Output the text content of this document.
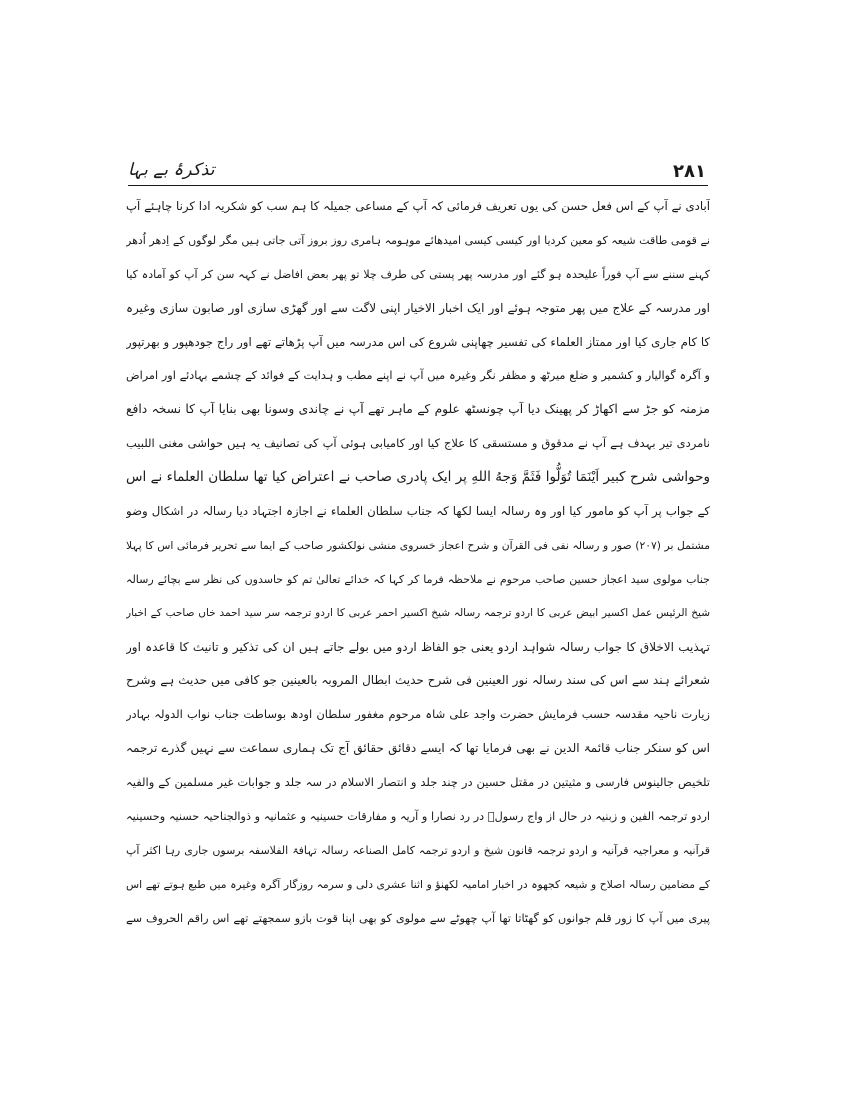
تذکرۂ بے بہا	۲۸۱
آبادی نے آپ کے اس فعل حسن کی یوں تعریف فرمائی کہ آپ کے مساعی جمیلہ کا ہم سب کو شکریہ ادا کرنا چاہئے آپ
نے قومی طاقت شیعہ کو معین کردیا اور کیسی کیسی امیدھائے موہومہ ہامری روز بروز آتی جاتی ہیں مگر لوگوں کے اِدھر اُدھر
کہنے سننے سے آپ فوراً علیحدہ ہو گئے اور مدرسہ پھر پستی کی طرف چلا تو پھر بعض افاضل نے کہہ سن کر آپ کو آمادہ کیا
اور مدرسہ کے علاج میں پھر متوجہ ہوئے اور ایک اخبار الاخیار اپنی لاگت سے اور گھڑی سازی اور صابون سازی وغیرہ
کا کام جاری کیا اور ممتاز العلماء کی تفسیر چھاپنی شروع کی اس مدرسہ میں آپ پڑھاتے تھے اور راج جودھپور و بھرتپور
و آگرہ گوالیار و کشمیر و ضلع میرٹھ و مظفر نگر وغیرہ میں آپ نے اپنے مطب و ہدایت کے فوائد کے چشمے بہادئے اور امراض
مزمنہ کو جڑ سے اکھاڑ کر پھینک دیا آپ چونسٹھ علوم کے ماہر تھے آپ نے چاندی وسونا بھی بنایا آپ کا نسخہ دافع
نامردی تیر بہدف ہے آپ نے مدقوق و مستسقی کا علاج کیا اور کامیابی ہوئی آپ کی تصانیف یہ ہیں حواشی مغنی اللبیب
وحواشی شرح کبیر اَیْنَمَا تُوَلُّوا فَثَمَّ وَجهُ اللهِ پر ایک پادری صاحب نے اعتراض کیا تھا سلطان العلماء نے اس
کے جواب پر آپ کو مامور کیا اور وہ رسالہ ایسا لکھا کہ جناب سلطان العلماء نے اجازہ اجتہاد دیا رسالہ در اشکال وضو
مشتمل بر (۲۰۷) صور و رسالہ نفی فی القرآن و شرح اعجاز خسروی منشی نولکشور صاحب کے ایما سے تحریر فرمائی اس کا پہلا
جناب مولوی سید اعجاز حسین صاحب مرحوم نے ملاحظہ فرما کر کہا کہ خدائے تعالیٰ تم کو حاسدوں کی نظر سے بچائے رسالہ
شیخ الرئیس عمل اکسیر ابیض عربی کا اردو ترجمہ رسالہ شیخ اکسیر احمر عربی کا اردو ترجمہ سر سید احمد خاں صاحب کے اخبار
تہذیب الاخلاق کا جواب رسالہ شواہد اردو یعنی جو الفاظ اردو میں بولے جاتے ہیں ان کی تذکیر و تانیث کا قاعدہ اور
شعرائے ہند سے اس کی سند رسالہ نور العینین فی شرح حدیث ابطال المروبہ بالعینین جو کافی میں حدیث ہے وشرح
زیارت ناحیہ مقدسہ حسب فرمایش حضرت واجد علی شاہ مرحوم مغفور سلطان اودھ بوساطت جناب نواب الدولہ بہادر
اس کو سنکر جناب قائمۃ الدین نے بھی فرمایا تھا کہ ایسے دقائق حقائق آج تک ہماری سماعت سے نہیں گذرے ترجمہ
تلخیص جالینوس فارسی و مثیتین در مقتل حسین در چند جلد و انتصار الاسلام در سہ جلد و جوابات غیر مسلمین کے والفیہ
اردو ترجمہ الفین و زبنیہ در حال از واج رسولؐ در رد نصارا و آریہ و مفارقات حسینیہ و عثمانیہ و ذوالجناحیہ حسنیہ وحسینیہ
قرآنیہ و معراجیہ قرآنیہ و اردو ترجمہ قانون شیخ و اردو ترجمہ کامل الصناعہ رسالہ تہافۃ الفلاسفہ برسوں جاری رہا اکثر آپ
کے مضامین رسالہ اصلاح و شیعہ کجھوہ در اخبار امامیہ لکھنؤ و اثنا عشری دلی و سرمہ روزگار آگرہ وغیرہ میں طبع ہوتے تھے اس
پیری میں آپ کا زور قلم جوانوں کو گھٹاتا تھا آپ چھوٹے سے مولوی کو بھی اپنا قوت بازو سمجھتے تھے اس راقم الحروف سے
